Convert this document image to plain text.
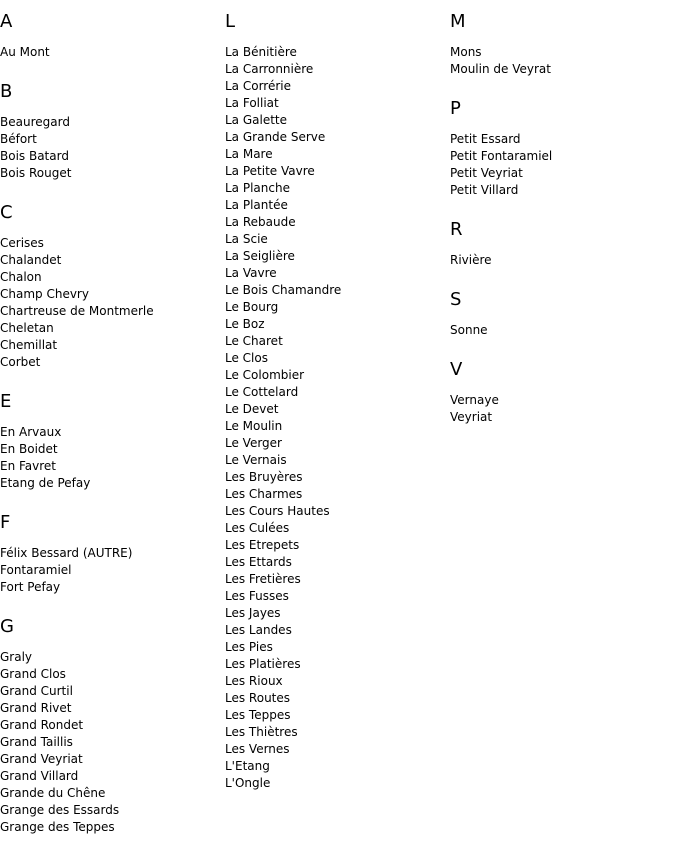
A
Au Mont
B
Beauregard
Béfort
Bois Batard
Bois Rouget
C
Cerises
Chalandet
Chalon
Champ Chevry
Chartreuse de Montmerle
Cheletan
Chemillat
Corbet
E
En Arvaux
En Boidet
En Favret
Etang de Pefay
F
Félix Bessard (AUTRE)
Fontaramiel
Fort Pefay
G
Graly
Grand Clos
Grand Curtil
Grand Rivet
Grand Rondet
Grand Taillis
Grand Veyriat
Grand Villard
Grande du Chêne
Grange des Essards
Grange des Teppes
L
La Bénitière
La Carronnière
La Corrérie
La Folliat
La Galette
La Grande Serve
La Mare
La Petite Vavre
La Planche
La Plantée
La Rebaude
La Scie
La Seiglière
La Vavre
Le Bois Chamandre
Le Bourg
Le Boz
Le Charet
Le Clos
Le Colombier
Le Cottelard
Le Devet
Le Moulin
Le Verger
Le Vernais
Les Bruyères
Les Charmes
Les Cours Hautes
Les Culées
Les Etrepets
Les Ettards
Les Fretières
Les Fusses
Les Jayes
Les Landes
Les Pies
Les Platières
Les Rioux
Les Routes
Les Teppes
Les Thiètres
Les Vernes
L'Etang
L'Ongle
M
Mons
Moulin de Veyrat
P
Petit Essard
Petit Fontaramiel
Petit Veyriat
Petit Villard
R
Rivière
S
Sonne
V
Vernaye
Veyriat
